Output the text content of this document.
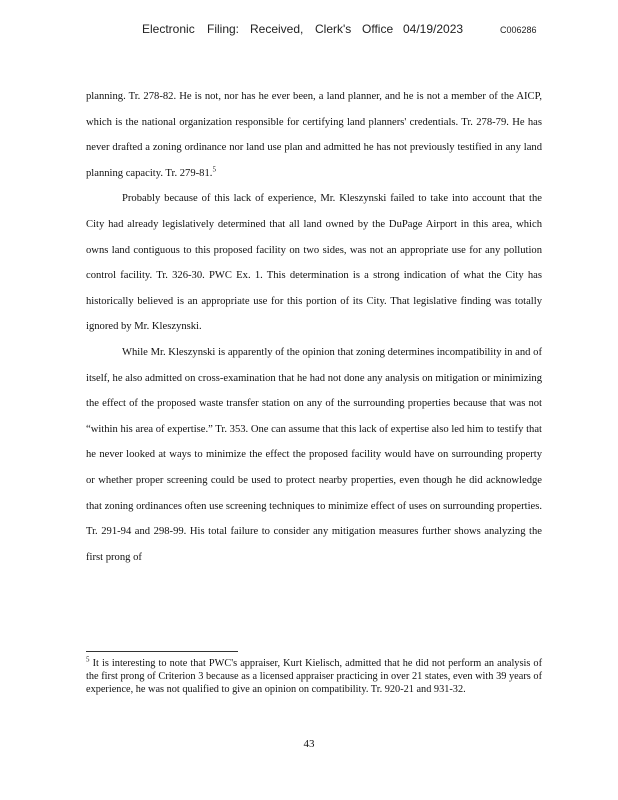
Electronic Filing: Received, Clerk's Office 04/19/2023	C006286

planning. Tr. 278-82. He is not, nor has he ever been, a land planner, and he is not a member of the AICP, which is the national organization responsible for certifying land planners' credentials. Tr. 278-79. He has never drafted a zoning ordinance nor land use plan and admitted he has not previously testified in any land planning capacity. Tr. 279-81.$^5$

Probably because of this lack of experience, Mr. Kleszynski failed to take into account that the City had already legislatively determined that all land owned by the DuPage Airport in this area, which owns land contiguous to this proposed facility on two sides, was not an appropriate use for any pollution control facility. Tr. 326-30. PWC Ex. 1. This determination is a strong indication of what the City has historically believed is an appropriate use for this portion of its City. That legislative finding was totally ignored by Mr. Kleszynski.

While Mr. Kleszynski is apparently of the opinion that zoning determines incompatibility in and of itself, he also admitted on cross-examination that he had not done any analysis on mitigation or minimizing the effect of the proposed waste transfer station on any of the surrounding properties because that was not “within his area of expertise.” Tr. 353. One can assume that this lack of expertise also led him to testify that he never looked at ways to minimize the effect the proposed facility would have on surrounding property or whether proper screening could be used to protect nearby properties, even though he did acknowledge that zoning ordinances often use screening techniques to minimize effect of uses on surrounding properties. Tr. 291-94 and 298-99. His total failure to consider any mitigation measures further shows analyzing the first prong of

$^5$ It is interesting to note that PWC's appraiser, Kurt Kielisch, admitted that he did not perform an analysis of the first prong of Criterion 3 because as a licensed appraiser practicing in over 21 states, even with 39 years of experience, he was not qualified to give an opinion on compatibility. Tr. 920-21 and 931-32.

43
